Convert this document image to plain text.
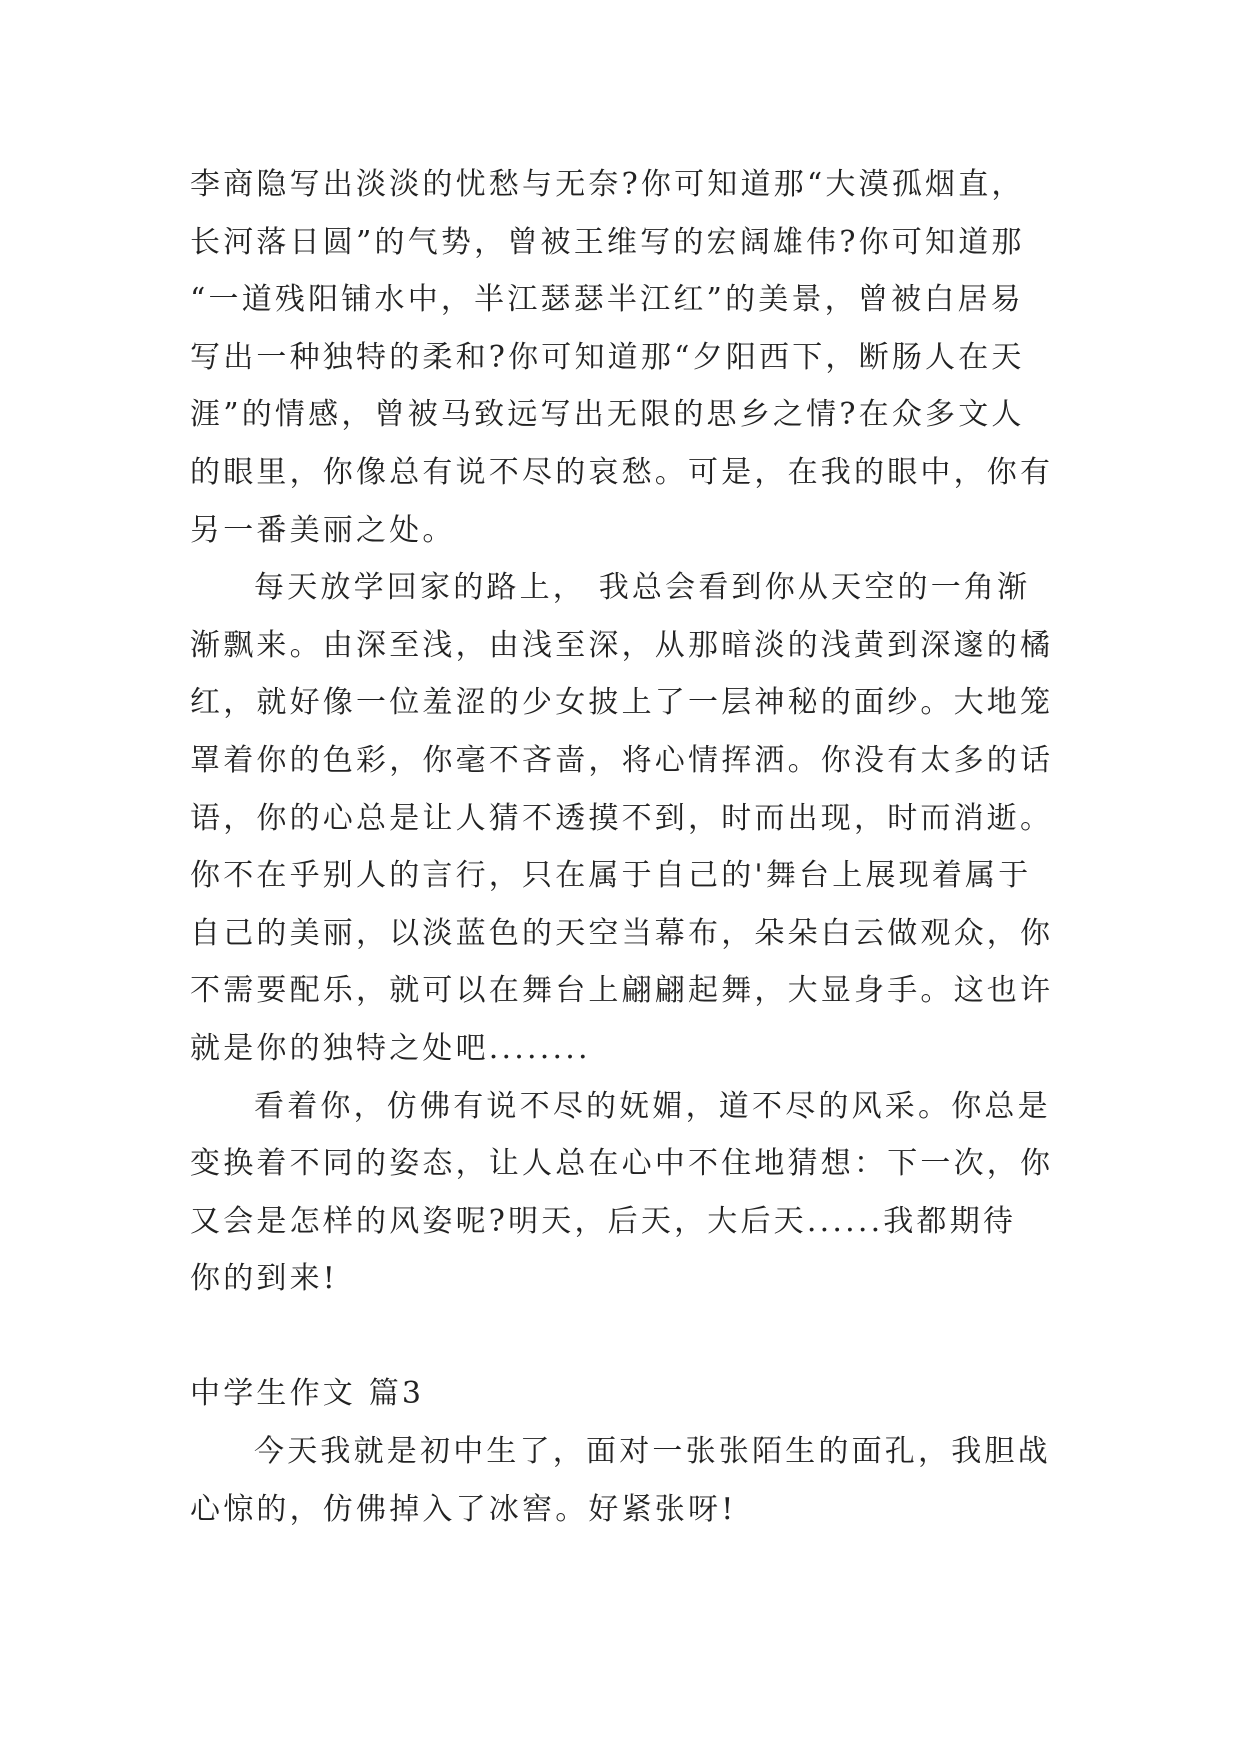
李商隐写出淡淡的忧愁与无奈?你可知道那“大漠孤烟直，
长河落日圆”的气势，曾被王维写的宏阔雄伟?你可知道那
“一道残阳铺水中，半江瑟瑟半江红”的美景，曾被白居易
写出一种独特的柔和?你可知道那“夕阳西下，断肠人在天
涯”的情感，曾被马致远写出无限的思乡之情?在众多文人
的眼里，你像总有说不尽的哀愁。可是，在我的眼中，你有
另一番美丽之处。
每天放学回家的路上， 我总会看到你从天空的一角渐
渐飘来。由深至浅，由浅至深，从那暗淡的浅黄到深邃的橘
红，就好像一位羞涩的少女披上了一层神秘的面纱。大地笼
罩着你的色彩，你毫不吝啬，将心情挥洒。你没有太多的话
语，你的心总是让人猜不透摸不到，时而出现，时而消逝。
你不在乎别人的言行，只在属于自己的'舞台上展现着属于
自己的美丽，以淡蓝色的天空当幕布，朵朵白云做观众，你
不需要配乐，就可以在舞台上翩翩起舞，大显身手。这也许
就是你的独特之处吧........
看着你，仿佛有说不尽的妩媚，道不尽的风采。你总是
变换着不同的姿态，让人总在心中不住地猜想：下一次，你
又会是怎样的风姿呢?明天，后天，大后天......我都期待
你的到来!
中学生作文 篇3
今天我就是初中生了，面对一张张陌生的面孔，我胆战
心惊的，仿佛掉入了冰窖。好紧张呀!
